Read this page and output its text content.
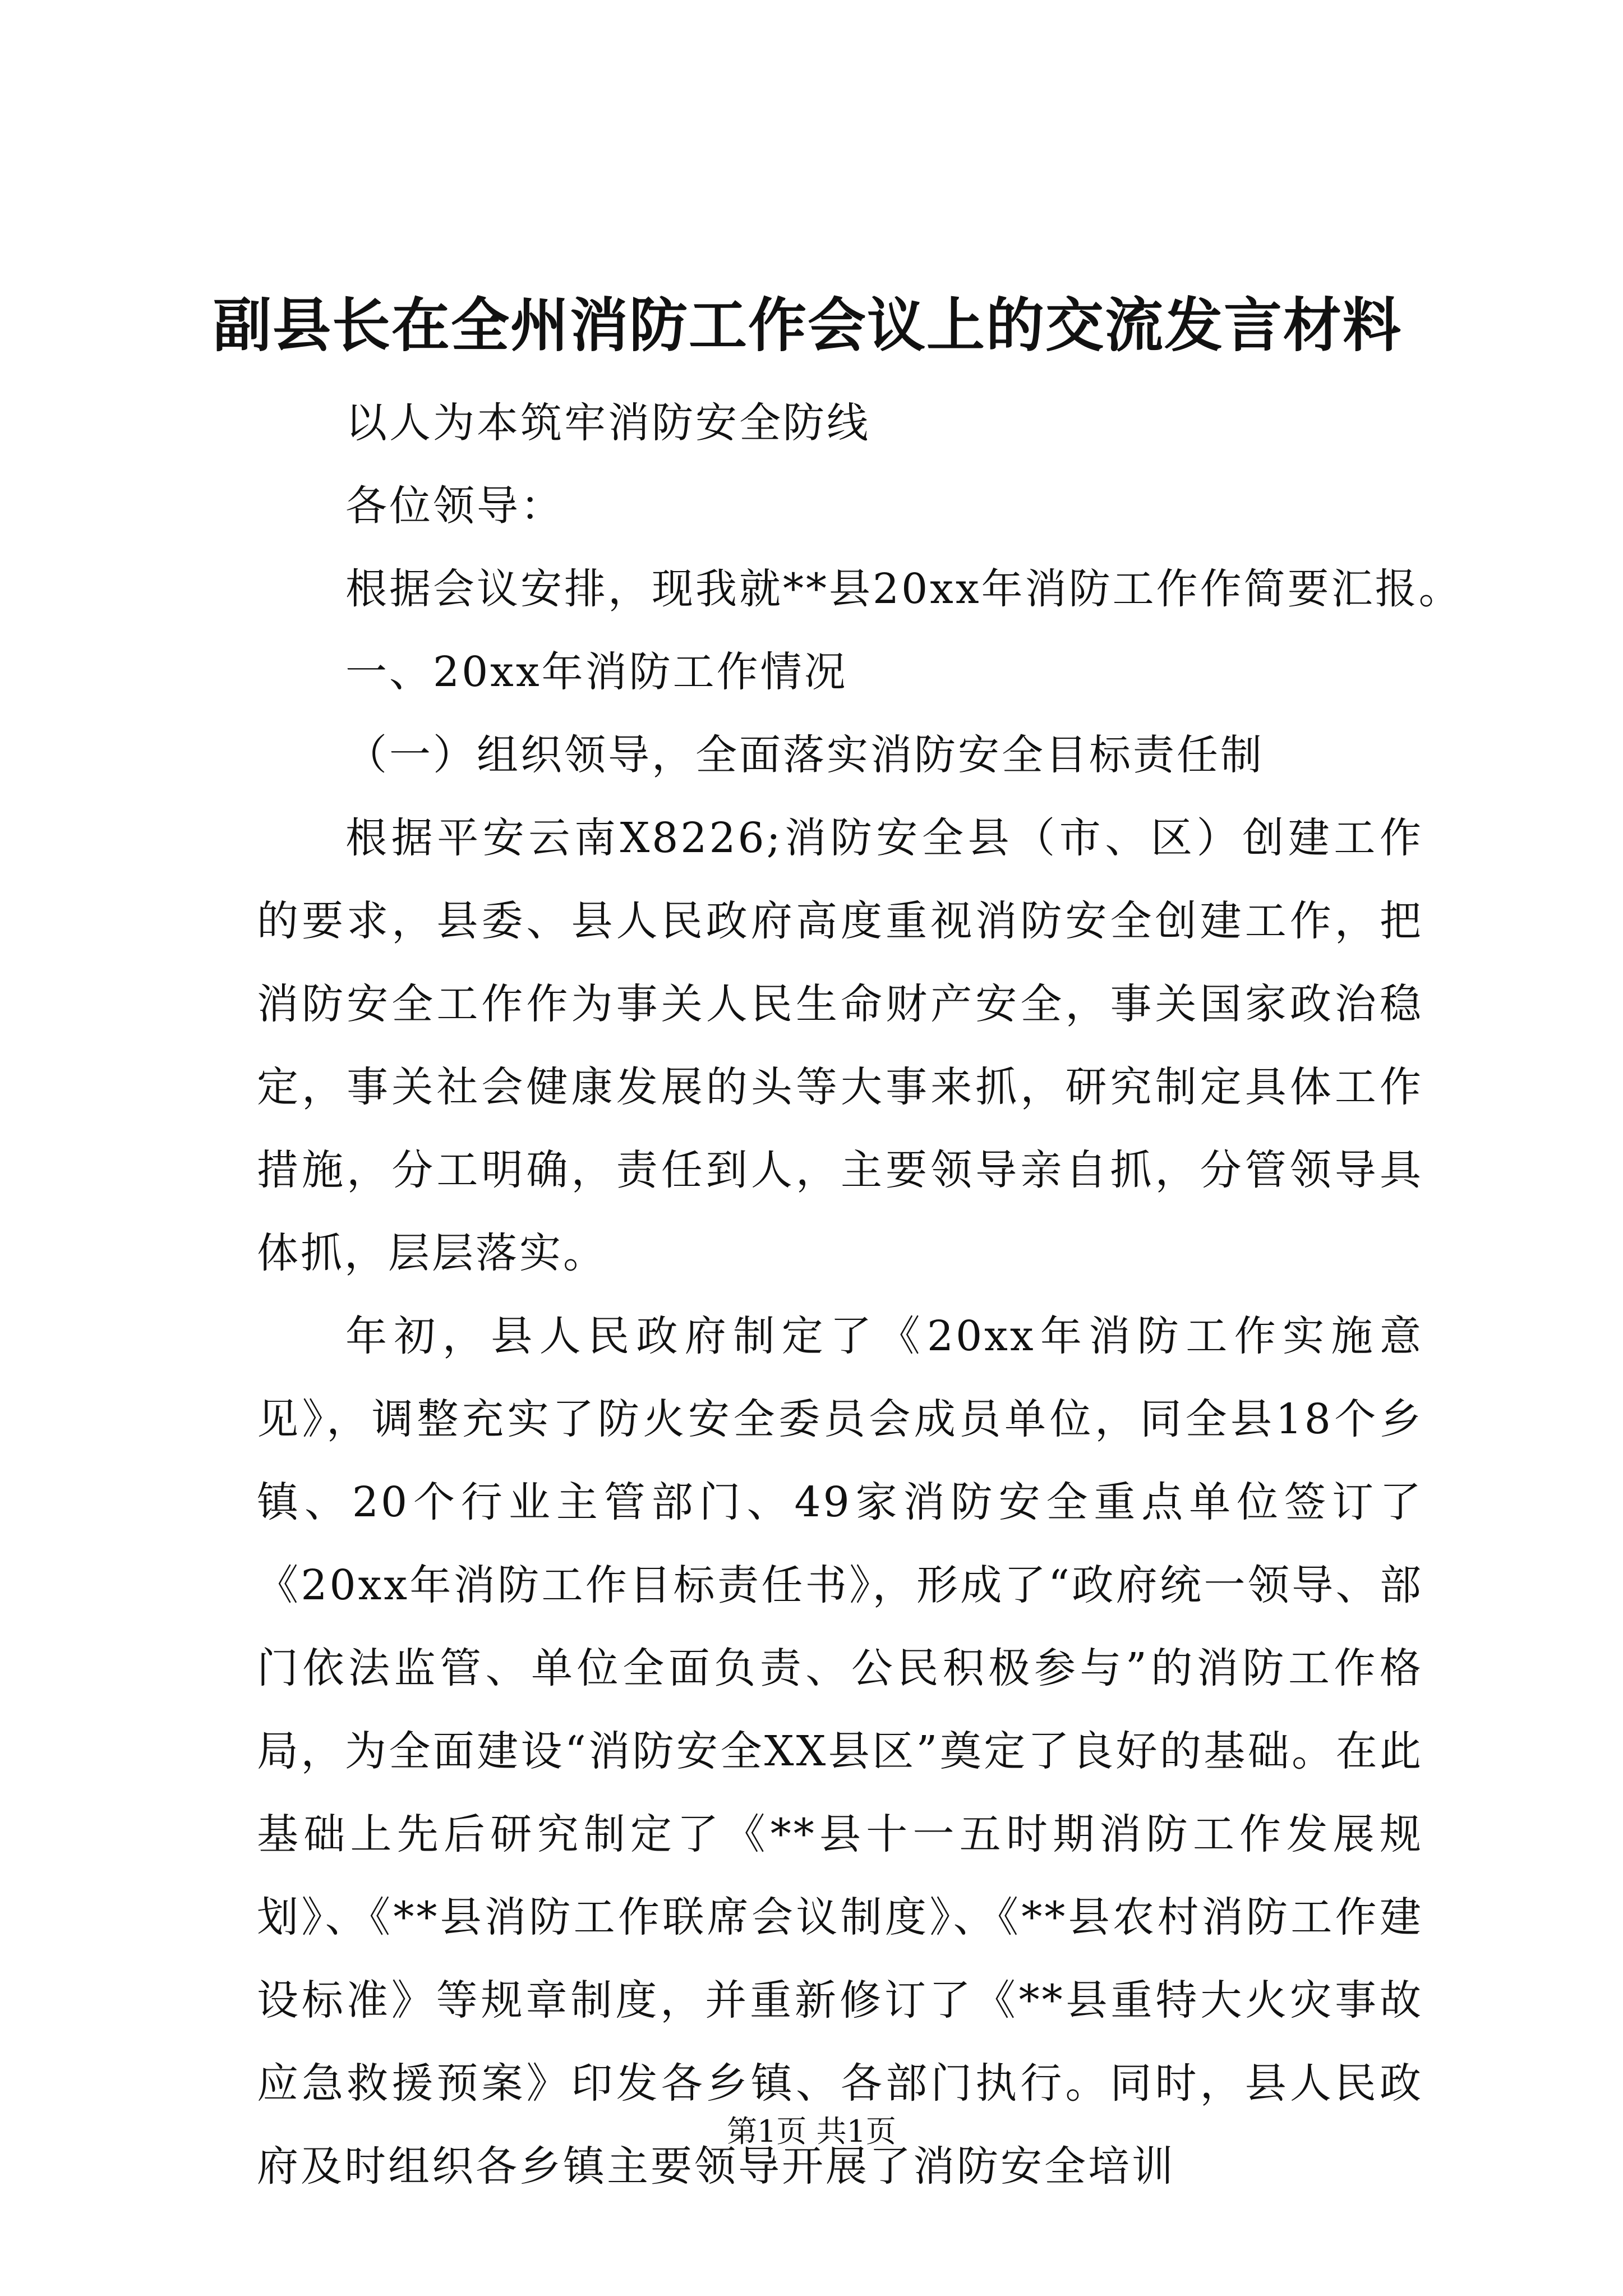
副县长在全州消防工作会议上的交流发言材料

以人为本筑牢消防安全防线

各位领导：

根据会议安排，现我就**县20xx年消防工作作简要汇报。

一、20xx年消防工作情况

（一）组织领导，全面落实消防安全目标责任制

根据平安云南X8226;消防安全县（市、区）创建工作的要求，县委、县人民政府高度重视消防安全创建工作，把消防安全工作作为事关人民生命财产安全，事关国家政治稳定，事关社会健康发展的头等大事来抓，研究制定具体工作措施，分工明确，责任到人，主要领导亲自抓，分管领导具体抓，层层落实。

年初，县人民政府制定了《20xx年消防工作实施意见》，调整充实了防火安全委员会成员单位，同全县18个乡镇、20个行业主管部门、49家消防安全重点单位签订了《20xx年消防工作目标责任书》，形成了“政府统一领导、部门依法监管、单位全面负责、公民积极参与”的消防工作格局，为全面建设“消防安全XX县区”奠定了良好的基础。在此基础上先后研究制定了《**县十一五时期消防工作发展规划》、《**县消防工作联席会议制度》、《**县农村消防工作建设标准》等规章制度，并重新修订了《**县重特大火灾事故应急救援预案》印发各乡镇、各部门执行。同时，县人民政府及时组织各乡镇主要领导开展了消防安全培训

第1页 共1页
